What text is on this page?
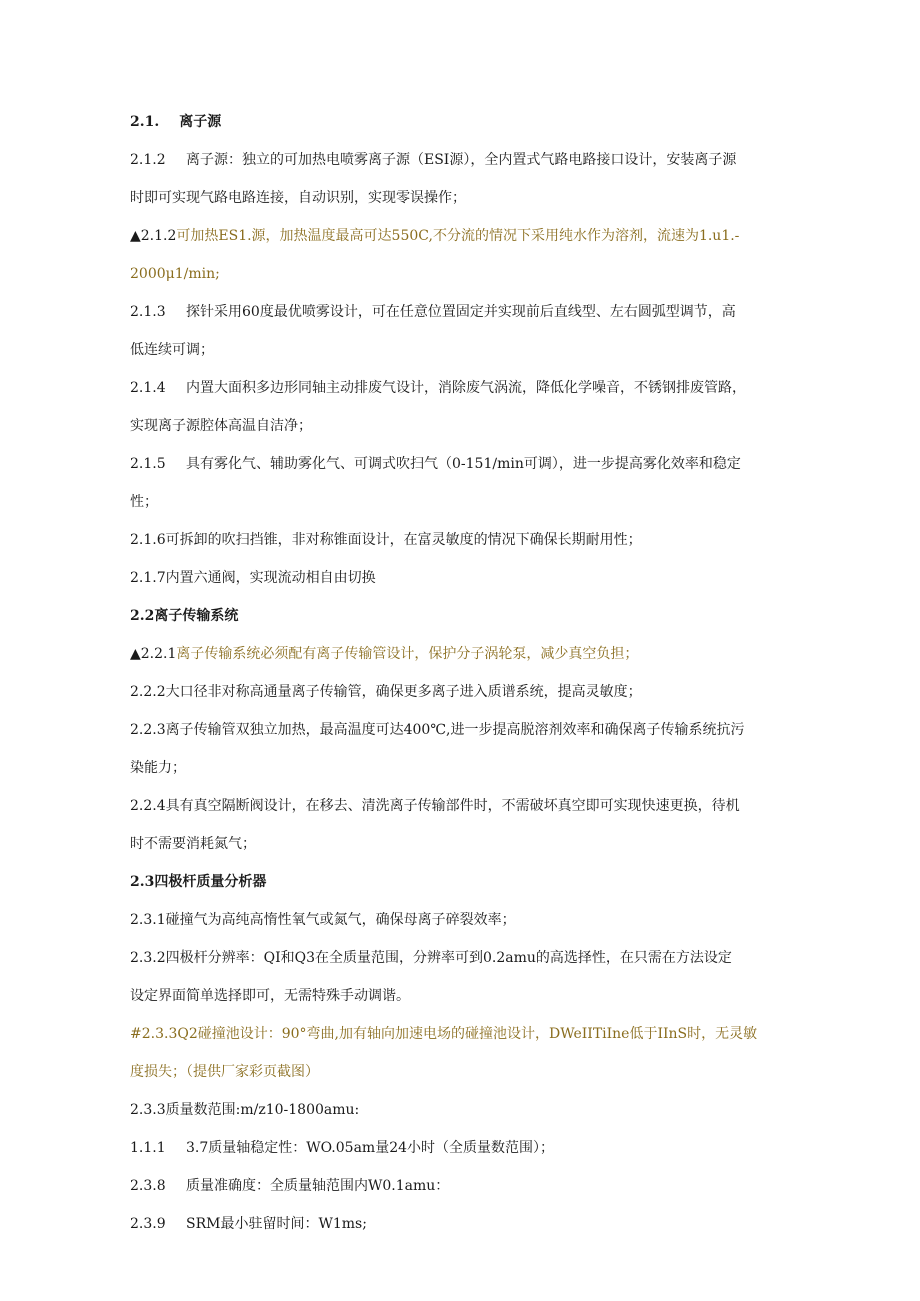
2.1. 离子源
2.1.2 离子源：独立的可加热电喷雾离子源（ESI源），全内置式气路电路接口设计，安装离子源
时即可实现气路电路连接，自动识别，实现零误操作；
▲2.1.2可加热ES1.源，加热温度最高可达550C,不分流的情况下采用纯水作为溶剂，流速为1.u1.-
2000μ1∕min;
2.1.3 探针采用60度最优喷雾设计，可在任意位置固定并实现前后直线型、左右圆弧型调节，高
低连续可调；
2.1.4 内置大面积多边形同轴主动排废气设计，消除废气涡流，降低化学噪音，不锈钢排废管路，
实现离子源腔体高温自洁净；
2.1.5 具有雾化气、辅助雾化气、可调式吹扫气（0-151∕min可调），进一步提高雾化效率和稳定
性；
2.1.6可拆卸的吹扫挡锥，非对称锥面设计，在富灵敏度的情况下确保长期耐用性；
2.1.7内置六通阀，实现流动相自由切换
2.2离子传输系统
▲2.2.1离子传输系统必须配有离子传输管设计，保护分子涡轮泵，减少真空负担；
2.2.2大口径非对称高通量离子传输管，确保更多离子进入质谱系统，提高灵敏度；
2.2.3离子传输管双独立加热，最高温度可达400℃,进一步提高脱溶剂效率和确保离子传输系统抗污
染能力；
2.2.4具有真空隔断阀设计，在移去、清洗离子传输部件时，不需破坏真空即可实现快速更换，待机
时不需要消耗氮气；
2.3四极杆质量分析器
2.3.1碰撞气为高纯高惰性氧气或氮气，确保母离子碎裂效率；
2.3.2四极杆分辨率：QI和Q3在全质量范围，分辨率可到0.2amu的高选择性，在只需在方法设定
设定界面简单选择即可，无需特殊手动调谐。
#2.3.3Q2碰撞池设计：90°弯曲,加有轴向加速电场的碰撞池设计，DWeIITiIne低于IInS时，无灵敏
度损失；（提供厂家彩页截图）
2.3.3质量数范围:m/z10-1800amu:
1.1.1 3.7质量轴稳定性：WO.05am量24小时（全质量数范围）；
2.3.8 质量准确度：全质量轴范围内W0.1amu：
2.3.9 SRM最小驻留时间：W1ms;
